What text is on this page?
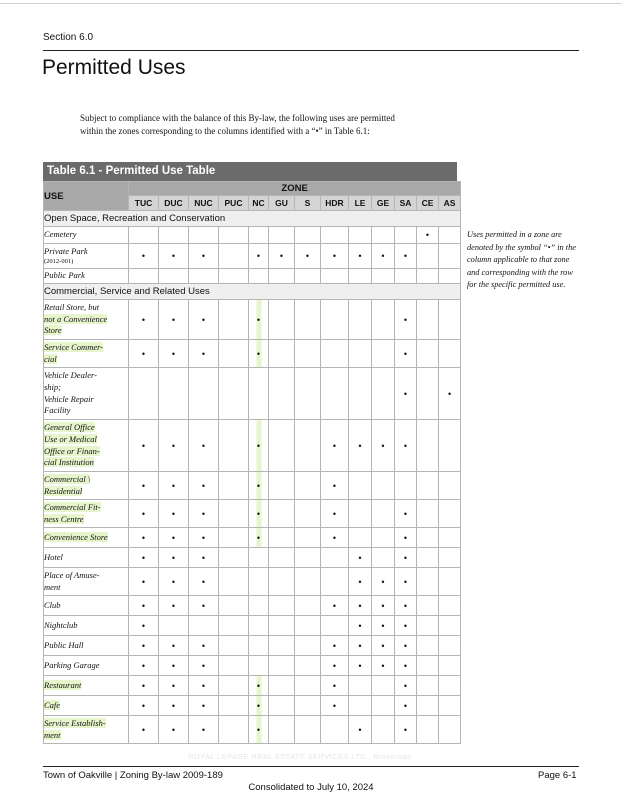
Section 6.0
Permitted Uses
Subject to compliance with the balance of this By-law, the following uses are permitted within the zones corresponding to the columns identified with a “•” in Table 6.1:
Table 6.1 - Permitted Use Table
USE	ZONE												
	TUC	DUC	NUC	PUC	NC	GU	S	HDR	LE	GE	SA	CE	AS
Open Space, Recreation and Conservation													
Cemetery												•	
Private Park
(2012-001)	•	•	•		•	•	•	•	•	•	•		
Public Park													
Commercial, Service and Related Uses													
Retail Store, but
not a Convenience
Store	•	•	•		•						•		
Service Commer-
cial	•	•	•		•						•		
Vehicle Dealer-
ship;
Vehicle Repair
Facility											•		•
General Office
Use or Medical
Office or Finan-
cial Institution	•	•	•		•			•	•	•	•		
Commercial \
Residential	•	•	•		•			•					
Commercial Fit-
ness Centre	•	•	•		•			•			•		
Convenience Store	•	•	•		•			•			•		
Hotel	•	•	•						•		•		
Place of Amuse-
ment	•	•	•						•	•	•		
Club	•	•	•					•	•	•	•		
Nightclub	•								•	•	•		
Public Hall	•	•	•					•	•	•	•		
Parking Garage	•	•	•					•	•	•	•		
Restaurant	•	•	•		•			•			•		
Cafe	•	•	•		•			•			•		
Service Establish-
ment	•	•	•		•				•		•		
Uses permitted in a zone are denoted by the symbol “•” in the column applicable to that zone and corresponding with the row for the specific permitted use.
ROYAL LEPAGE REAL ESTATE SERVICES LTD., Brokerage
Town of Oakville | Zoning By-law 2009-189	Page 6-1
Consolidated to July 10, 2024
